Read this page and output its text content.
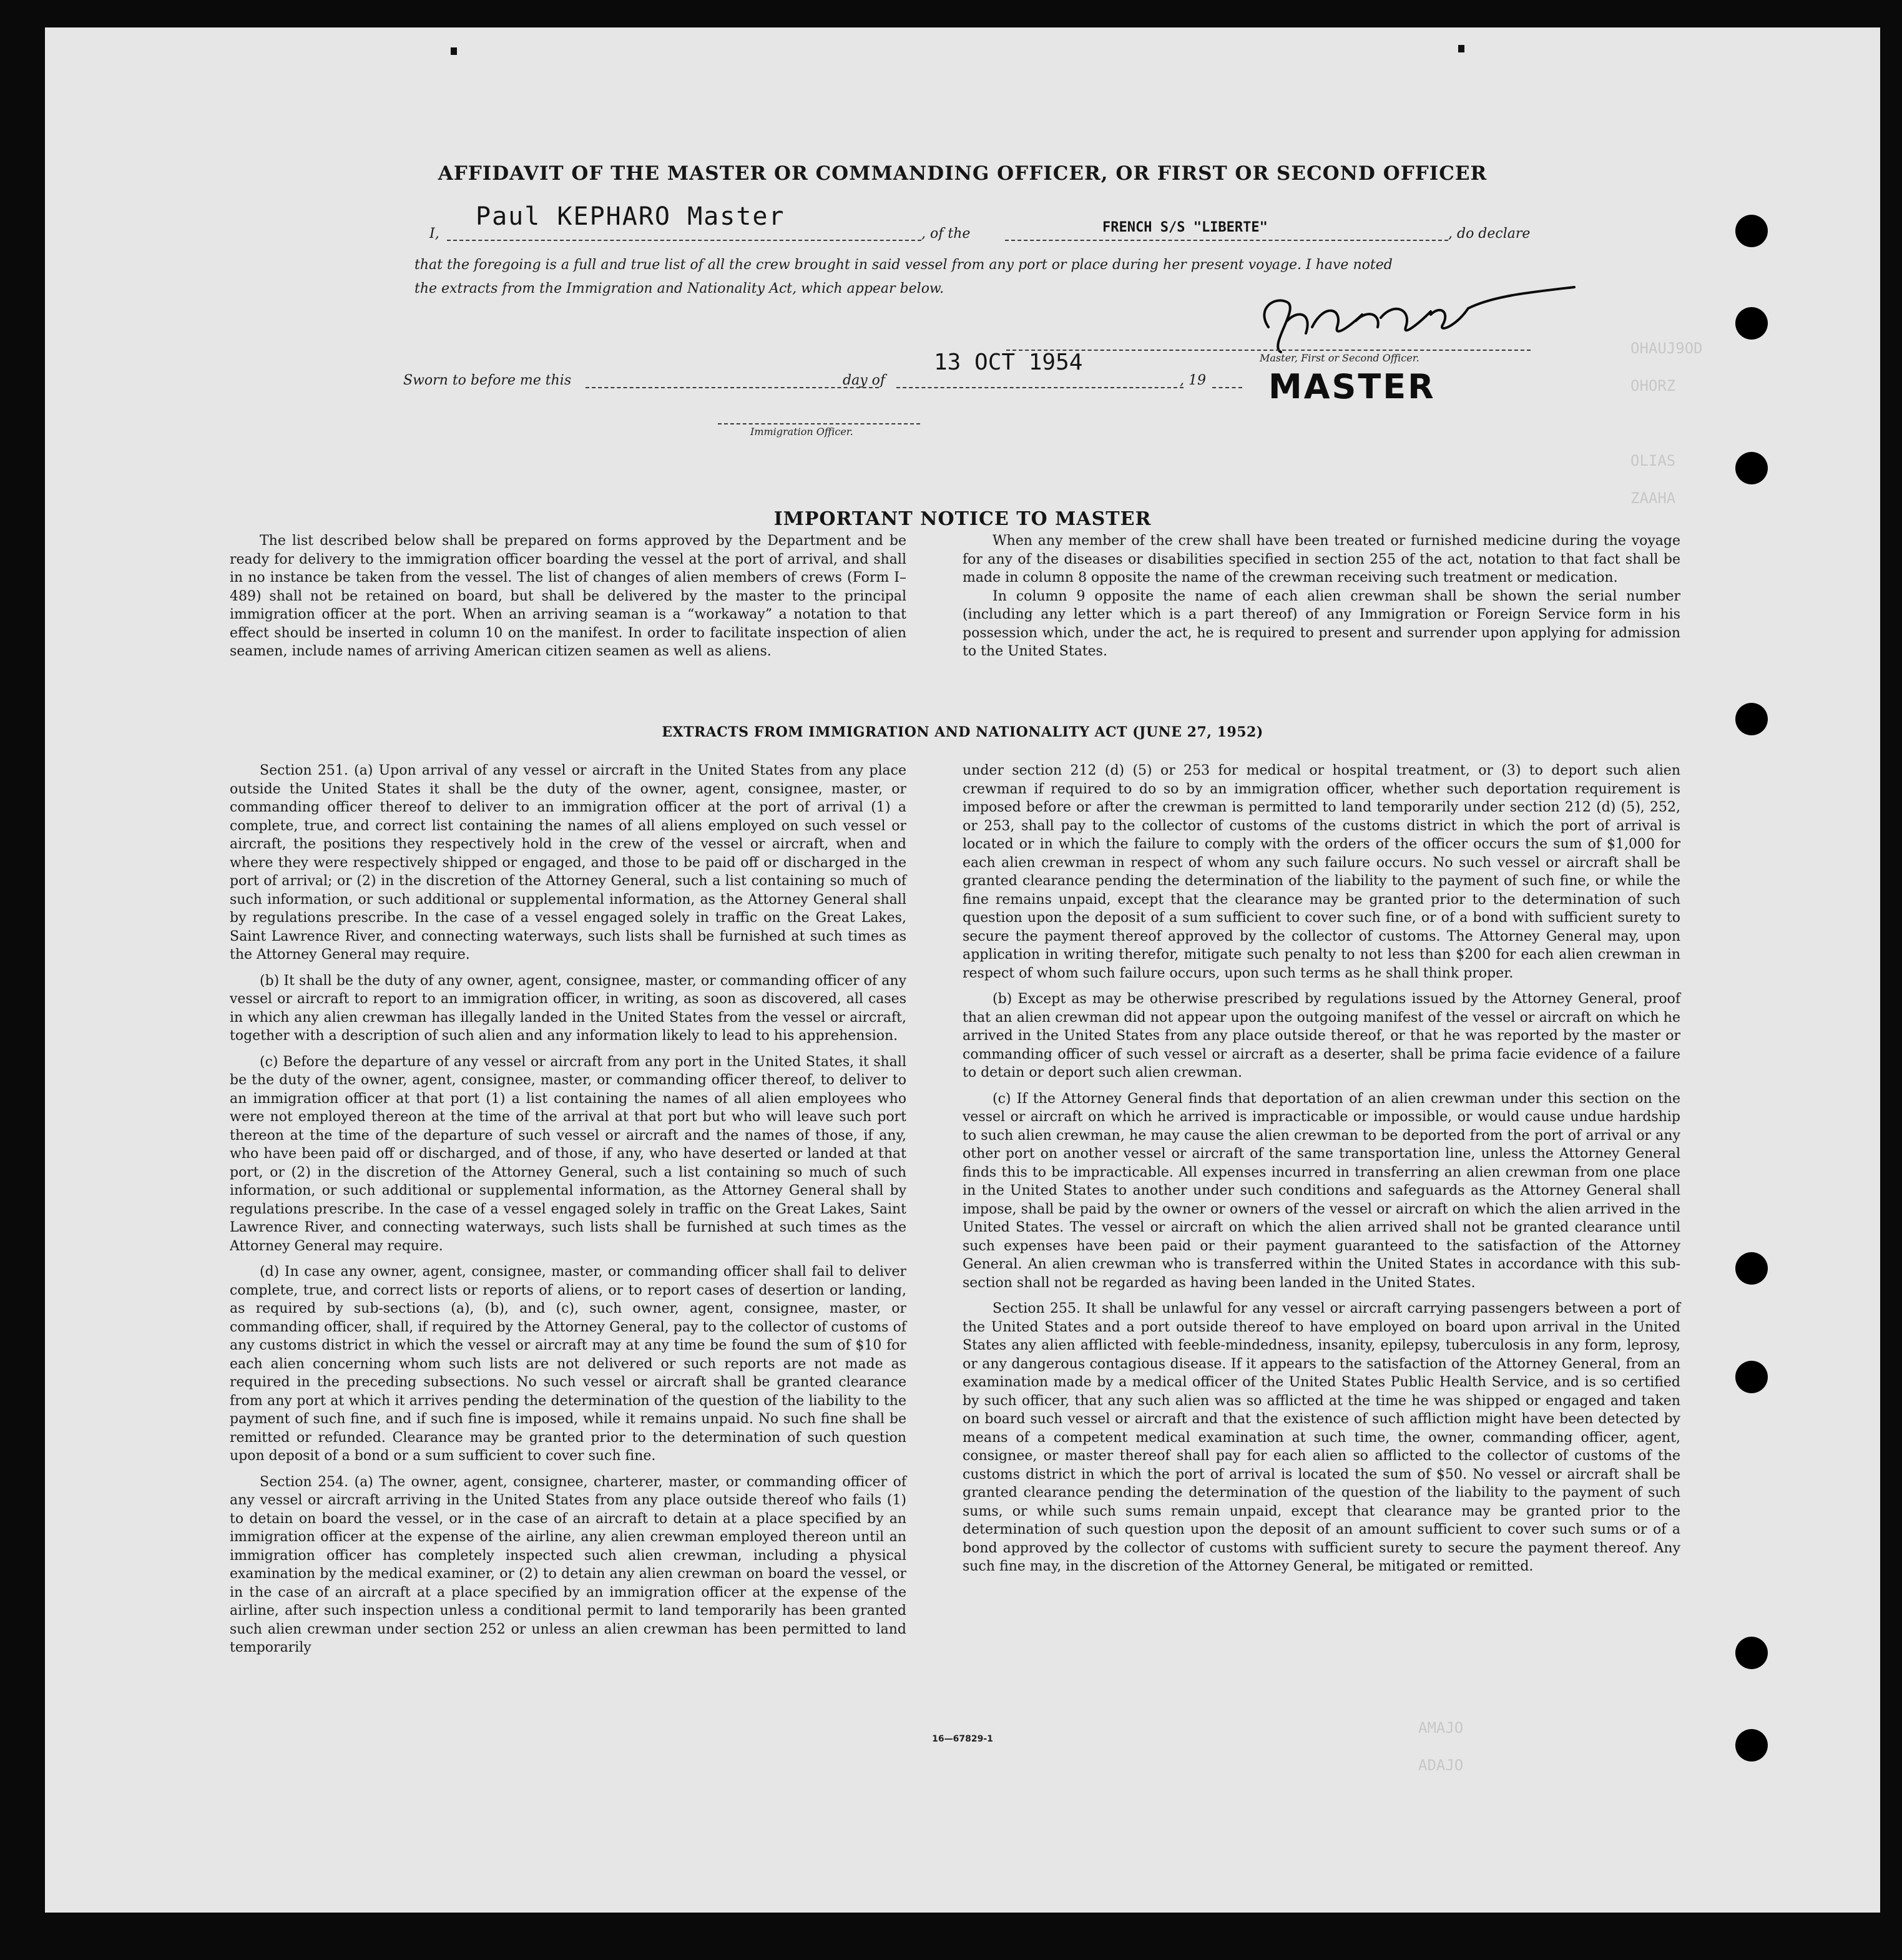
OHAUJ9OD
OHORZ
OLIAS
ZAAHA
AMAJO
ADAJO
AFFIDAVIT OF THE MASTER OR COMMANDING OFFICER, OR FIRST OR SECOND OFFICER
I,
Paul KEPHARO Master
, of the	FRENCH S/S "LIBERTE"	, do declare
that the foregoing is a full and true list of all the crew brought in said vessel from any port or place during her present voyage. I have noted
the extracts from the Immigration and Nationality Act, which appear below.
Master, First or Second Officer.
Sworn to before me this	day of
13 OCT 1954
, 19 MASTER
Immigration Officer.
IMPORTANT NOTICE TO MASTER

The list described below shall be prepared on forms approved by the Department and be ready for delivery to the immigration officer boarding the vessel at the port of arrival, and shall in no instance be taken from the vessel. The list of changes of alien members of crews (Form I–489) shall not be retained on board, but shall be delivered by the master to the principal immigration officer at the port. When an arriving seaman is a “workaway” a notation to that effect should be inserted in column 10 on the manifest. In order to facilitate inspection of alien seamen, include names of arriving American citizen seamen as well as aliens.

When any member of the crew shall have been treated or furnished medicine during the voyage for any of the diseases or disabilities specified in section 255 of the act, notation to that fact shall be made in column 8 opposite the name of the crewman receiving such treatment or medication.

In column 9 opposite the name of each alien crewman shall be shown the serial number (including any letter which is a part thereof) of any Immigration or Foreign Service form in his possession which, under the act, he is required to present and surrender upon applying for admission to the United States.

EXTRACTS FROM IMMIGRATION AND NATIONALITY ACT (JUNE 27, 1952)

Section 251. (a) Upon arrival of any vessel or aircraft in the United States from any place outside the United States it shall be the duty of the owner, agent, consignee, master, or commanding officer thereof to deliver to an immigration officer at the port of arrival (1) a complete, true, and correct list containing the names of all aliens employed on such vessel or aircraft, the positions they respectively hold in the crew of the vessel or aircraft, when and where they were respectively shipped or engaged, and those to be paid off or discharged in the port of arrival; or (2) in the discretion of the Attorney General, such a list containing so much of such information, or such additional or supplemental information, as the Attorney General shall by regulations prescribe. In the case of a vessel engaged solely in traffic on the Great Lakes, Saint Lawrence River, and connecting waterways, such lists shall be furnished at such times as the Attorney General may require.

(b) It shall be the duty of any owner, agent, consignee, master, or commanding officer of any vessel or aircraft to report to an immigration officer, in writing, as soon as discovered, all cases in which any alien crewman has illegally landed in the United States from the vessel or aircraft, together with a description of such alien and any information likely to lead to his apprehension.

(c) Before the departure of any vessel or aircraft from any port in the United States, it shall be the duty of the owner, agent, consignee, master, or commanding officer thereof, to deliver to an immigration officer at that port (1) a list containing the names of all alien employees who were not employed thereon at the time of the arrival at that port but who will leave such port thereon at the time of the departure of such vessel or aircraft and the names of those, if any, who have been paid off or discharged, and of those, if any, who have deserted or landed at that port, or (2) in the discretion of the Attorney General, such a list containing so much of such information, or such additional or supplemental information, as the Attorney General shall by regulations prescribe. In the case of a vessel engaged solely in traffic on the Great Lakes, Saint Lawrence River, and connecting waterways, such lists shall be furnished at such times as the Attorney General may require.

(d) In case any owner, agent, consignee, master, or commanding officer shall fail to deliver complete, true, and correct lists or reports of aliens, or to report cases of desertion or landing, as required by sub-sections (a), (b), and (c), such owner, agent, consignee, master, or commanding officer, shall, if required by the Attorney General, pay to the collector of customs of any customs district in which the vessel or aircraft may at any time be found the sum of $10 for each alien concerning whom such lists are not delivered or such reports are not made as required in the preceding subsections. No such vessel or aircraft shall be granted clearance from any port at which it arrives pending the determination of the question of the liability to the payment of such fine, and if such fine is imposed, while it remains unpaid. No such fine shall be remitted or refunded. Clearance may be granted prior to the determination of such question upon deposit of a bond or a sum sufficient to cover such fine.

Section 254. (a) The owner, agent, consignee, charterer, master, or commanding officer of any vessel or aircraft arriving in the United States from any place outside thereof who fails (1) to detain on board the vessel, or in the case of an aircraft to detain at a place specified by an immigration officer at the expense of the airline, any alien crewman employed thereon until an immigration officer has completely inspected such alien crewman, including a physical examination by the medical examiner, or (2) to detain any alien crewman on board the vessel, or in the case of an aircraft at a place specified by an immigration officer at the expense of the airline, after such inspection unless a conditional permit to land temporarily has been granted such alien crewman under section 252 or unless an alien crewman has been permitted to land temporarily

under section 212 (d) (5) or 253 for medical or hospital treatment, or (3) to deport such alien crewman if required to do so by an immigration officer, whether such deportation requirement is imposed before or after the crewman is permitted to land temporarily under section 212 (d) (5), 252, or 253, shall pay to the collector of customs of the customs district in which the port of arrival is located or in which the failure to comply with the orders of the officer occurs the sum of $1,000 for each alien crewman in respect of whom any such failure occurs. No such vessel or aircraft shall be granted clearance pending the determination of the liability to the payment of such fine, or while the fine remains unpaid, except that the clearance may be granted prior to the determination of such question upon the deposit of a sum sufficient to cover such fine, or of a bond with sufficient surety to secure the payment thereof approved by the collector of customs. The Attorney General may, upon application in writing therefor, mitigate such penalty to not less than $200 for each alien crewman in respect of whom such failure occurs, upon such terms as he shall think proper.

(b) Except as may be otherwise prescribed by regulations issued by the Attorney General, proof that an alien crewman did not appear upon the outgoing manifest of the vessel or aircraft on which he arrived in the United States from any place outside thereof, or that he was reported by the master or commanding officer of such vessel or aircraft as a deserter, shall be prima facie evidence of a failure to detain or deport such alien crewman.

(c) If the Attorney General finds that deportation of an alien crewman under this section on the vessel or aircraft on which he arrived is impracticable or impossible, or would cause undue hardship to such alien crewman, he may cause the alien crewman to be deported from the port of arrival or any other port on another vessel or aircraft of the same transportation line, unless the Attorney General finds this to be impracticable. All expenses incurred in transferring an alien crewman from one place in the United States to another under such conditions and safeguards as the Attorney General shall impose, shall be paid by the owner or owners of the vessel or aircraft on which the alien arrived in the United States. The vessel or aircraft on which the alien arrived shall not be granted clearance until such expenses have been paid or their payment guaranteed to the satisfaction of the Attorney General. An alien crewman who is transferred within the United States in accordance with this sub-section shall not be regarded as having been landed in the United States.

Section 255. It shall be unlawful for any vessel or aircraft carrying passengers between a port of the United States and a port outside thereof to have employed on board upon arrival in the United States any alien afflicted with feeble-mindedness, insanity, epilepsy, tuberculosis in any form, leprosy, or any dangerous contagious disease. If it appears to the satisfaction of the Attorney General, from an examination made by a medical officer of the United States Public Health Service, and is so certified by such officer, that any such alien was so afflicted at the time he was shipped or engaged and taken on board such vessel or aircraft and that the existence of such affliction might have been detected by means of a competent medical examination at such time, the owner, commanding officer, agent, consignee, or master thereof shall pay for each alien so afflicted to the collector of customs of the customs district in which the port of arrival is located the sum of $50. No vessel or aircraft shall be granted clearance pending the determination of the question of the liability to the payment of such sums, or while such sums remain unpaid, except that clearance may be granted prior to the determination of such question upon the deposit of an amount sufficient to cover such sums or of a bond approved by the collector of customs with sufficient surety to secure the payment thereof. Any such fine may, in the discretion of the Attorney General, be mitigated or remitted.

16—67829-1
